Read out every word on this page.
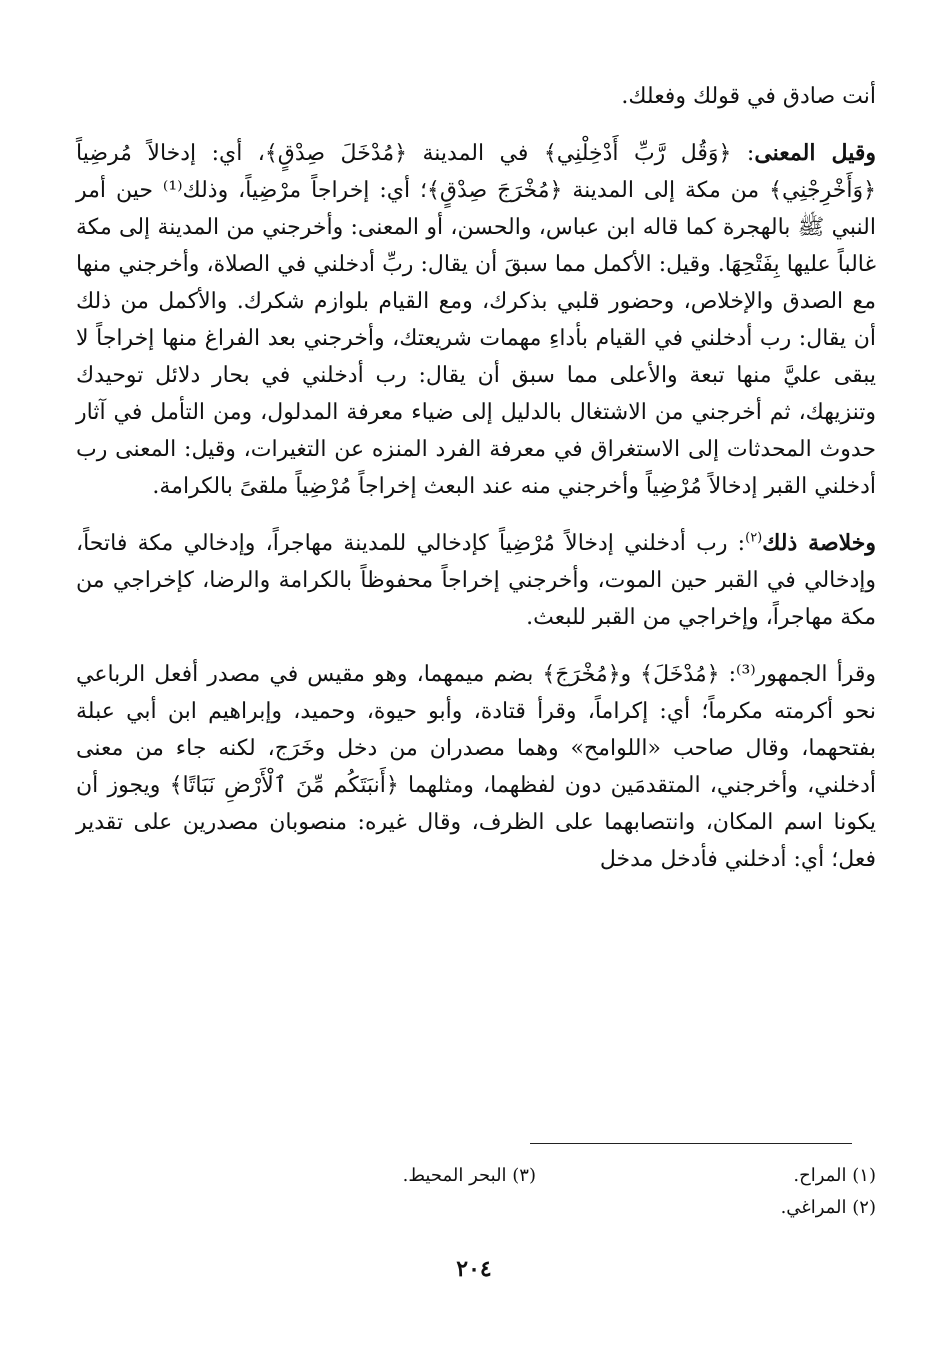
أنت صادق في قولك وفعلك.

وقيل المعنى: ﴿وَقُل رَّبِّ أَدْخِلْنِي﴾ في المدينة ﴿مُدْخَلَ صِدْقٍ﴾، أي: إدخالاً مُرضِياً ﴿وَأَخْرِجْنِي﴾ من مكة إلى المدينة ﴿مُخْرَجَ صِدْقٍ﴾؛ أي: إخراجاً مرْضِياً، وذلك⁽¹⁾ حين أمر النبي ﷺ بالهجرة كما قاله ابن عباس، والحسن، أو المعنى: وأخرجني من المدينة إلى مكة غالباً عليها بِفَتْحِهَا. وقيل: الأكمل مما سبقَ أن يقال: ربِّ أدخلني في الصلاة، وأخرجني منها مع الصدق والإخلاص، وحضور قلبي بذكرك، ومع القيام بلوازم شكرك. والأكمل من ذلك أن يقال: رب أدخلني في القيام بأداءِ مهمات شريعتك، وأخرجني بعد الفراغ منها إخراجاً لا يبقى عليَّ منها تبعة والأعلى مما سبق أن يقال: رب أدخلني في بحار دلائل توحيدك وتنزيهك، ثم أخرجني من الاشتغال بالدليل إلى ضياء معرفة المدلول، ومن التأمل في آثار حدوث المحدثات إلى الاستغراق في معرفة الفرد المنزه عن التغيرات، وقيل: المعنى رب أدخلني القبر إدخالاً مُرْضِياً وأخرجني منه عند البعث إخراجاً مُرْضِياً ملقىً بالكرامة.

وخلاصة ذلك$^{(٢)}$: رب أدخلني إدخالاً مُرْضِياً كإدخالي للمدينة مهاجراً، وإدخالي مكة فاتحاً، وإدخالي في القبر حين الموت، وأخرجني إخراجاً محفوظاً بالكرامة والرضا، كإخراجي من مكة مهاجراً، وإخراجي من القبر للبعث.

وقرأ الجمهور⁽³⁾: ﴿مُدْخَلَ﴾ و﴿مُخْرَجَ﴾ بضم ميمهما، وهو مقيس في مصدر أفعل الرباعي نحو أكرمته مكرماً؛ أي: إكراماً، وقرأ قتادة، وأبو حيوة، وحميد، وإبراهيم ابن أبي عبلة بفتحهما، وقال صاحب «اللوامح» وهما مصدران من دخل وخَرَج، لكنه جاء من معنى أدخلني، وأخرجني، المتقدمَين دون لفظهما، ومثلهما ﴿أَنبَتَكُم مِّنَ ٱلْأَرْضِ نَبَاتًا﴾ ويجوز أن يكونا اسم المكان، وانتصابهما على الظرف، وقال غيره: منصوبان مصدرين على تقدير فعل؛ أي: أدخلني فأدخل مدخل

(١) المراح.
(٣) البحر المحيط.
(٢) المراغي.
٢٠٤
